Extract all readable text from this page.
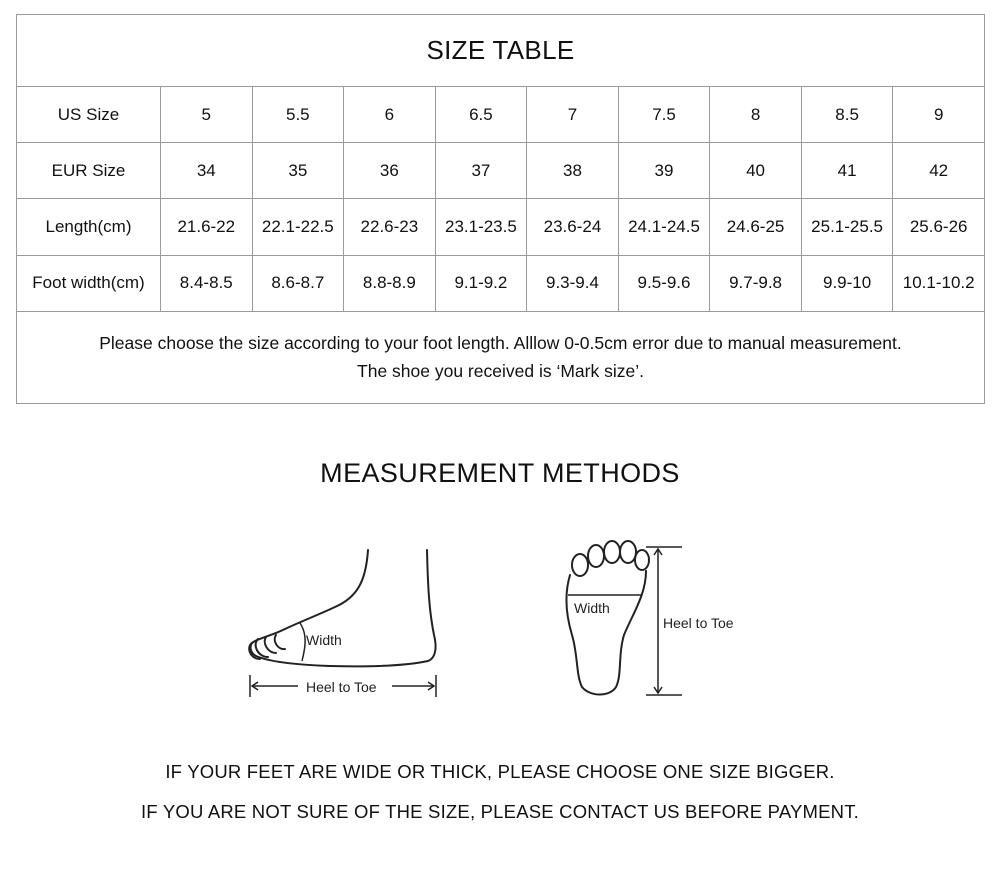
SIZE TABLE									
US Size	5	5.5	6	6.5	7	7.5	8	8.5	9
EUR Size	34	35	36	37	38	39	40	41	42
Length(cm)	21.6-22	22.1-22.5	22.6-23	23.1-23.5	23.6-24	24.1-24.5	24.6-25	25.1-25.5	25.6-26
Foot width(cm)	8.4-8.5	8.6-8.7	8.8-8.9	9.1-9.2	9.3-9.4	9.5-9.6	9.7-9.8	9.9-10	10.1-10.2

Please choose the size according to your foot length. Alllow 0-0.5cm error due to manual measurement.
The shoe you received is ‘Mark size’.									
MEASUREMENT METHODS
Width
Heel to Toe
Width
Heel to Toe
IF YOUR FEET ARE WIDE OR THICK, PLEASE CHOOSE ONE SIZE BIGGER.
IF YOU ARE NOT SURE OF THE SIZE, PLEASE CONTACT US BEFORE PAYMENT.
